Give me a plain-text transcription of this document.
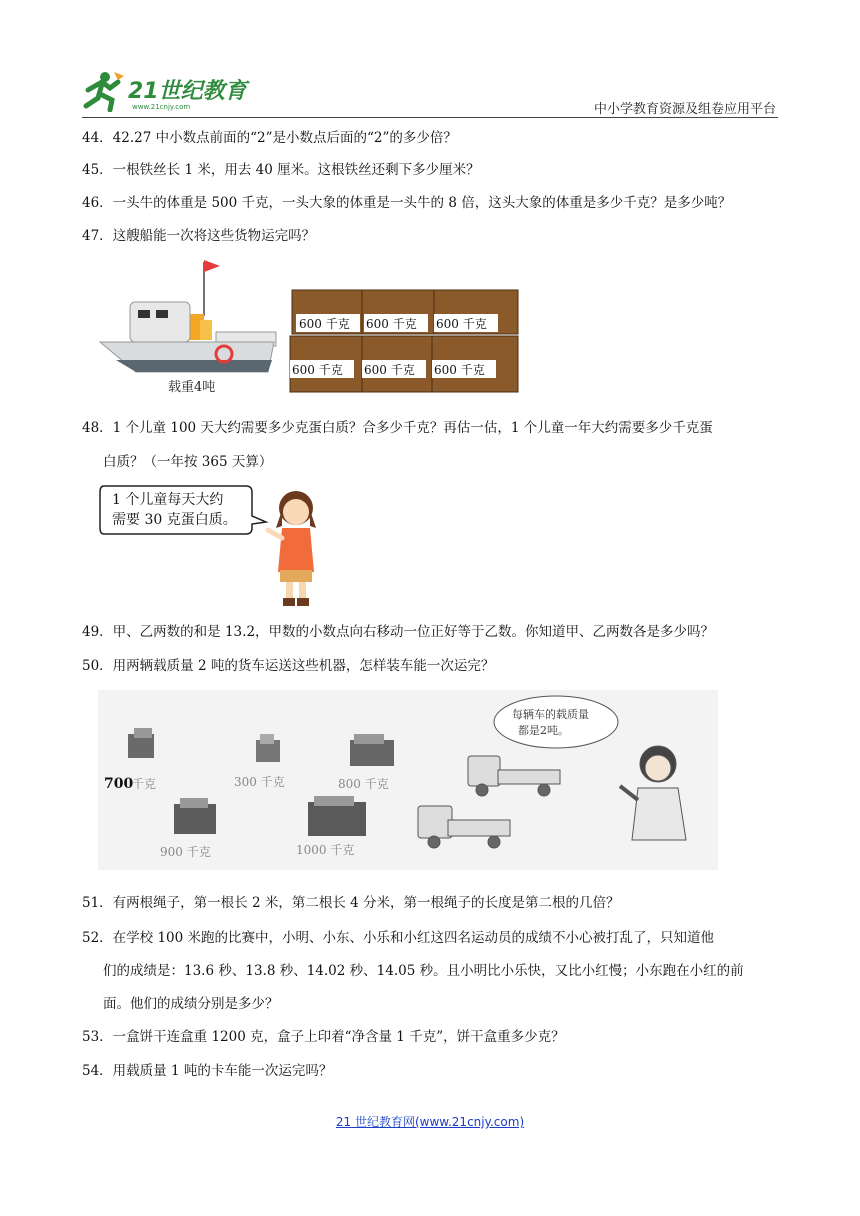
21世纪教育
www.21cnjy.com	中小学教育资源及组卷应用平台
44．42.27 中小数点前面的“2”是小数点后面的“2”的多少倍？
45．一根铁丝长 1 米，用去 40 厘米。这根铁丝还剩下多少厘米？
46．一头牛的体重是 500 千克，一头大象的体重是一头牛的 8 倍，这头大象的体重是多少千克？是多少吨？
47．这艘船能一次将这些货物运完吗？
载重4吨
600 千克 600 千克 600 千克
600 千克 600 千克 600 千克
48．1 个儿童 100 天大约需要多少克蛋白质？合多少千克？再估一估，1 个儿童一年大约需要多少千克蛋
白质？（一年按 365 天算）
1 个儿童每天大约
需要 30 克蛋白质。
49．甲、乙两数的和是 13.2，甲数的小数点向右移动一位正好等于乙数。你知道甲、乙两数各是多少吗？
50．用两辆载质量 2 吨的货车运送这些机器，怎样装车能一次运完？
700
千克	300 千克	800 千克
900 千克	1000 千克
每辆车的载质量
都是2吨。
51．有两根绳子，第一根长 2 米，第二根长 4 分米，第一根绳子的长度是第二根的几倍？
52．在学校 100 米跑的比赛中，小明、小东、小乐和小红这四名运动员的成绩不小心被打乱了，只知道他
们的成绩是：13.6 秒、13.8 秒、14.02 秒、14.05 秒。且小明比小乐快，又比小红慢；小东跑在小红的前
面。他们的成绩分别是多少？
53．一盒饼干连盒重 1200 克，盒子上印着“净含量 1 千克”，饼干盒重多少克？
54．用载质量 1 吨的卡车能一次运完吗？
21 世纪教育网(www.21cnjy.com)
